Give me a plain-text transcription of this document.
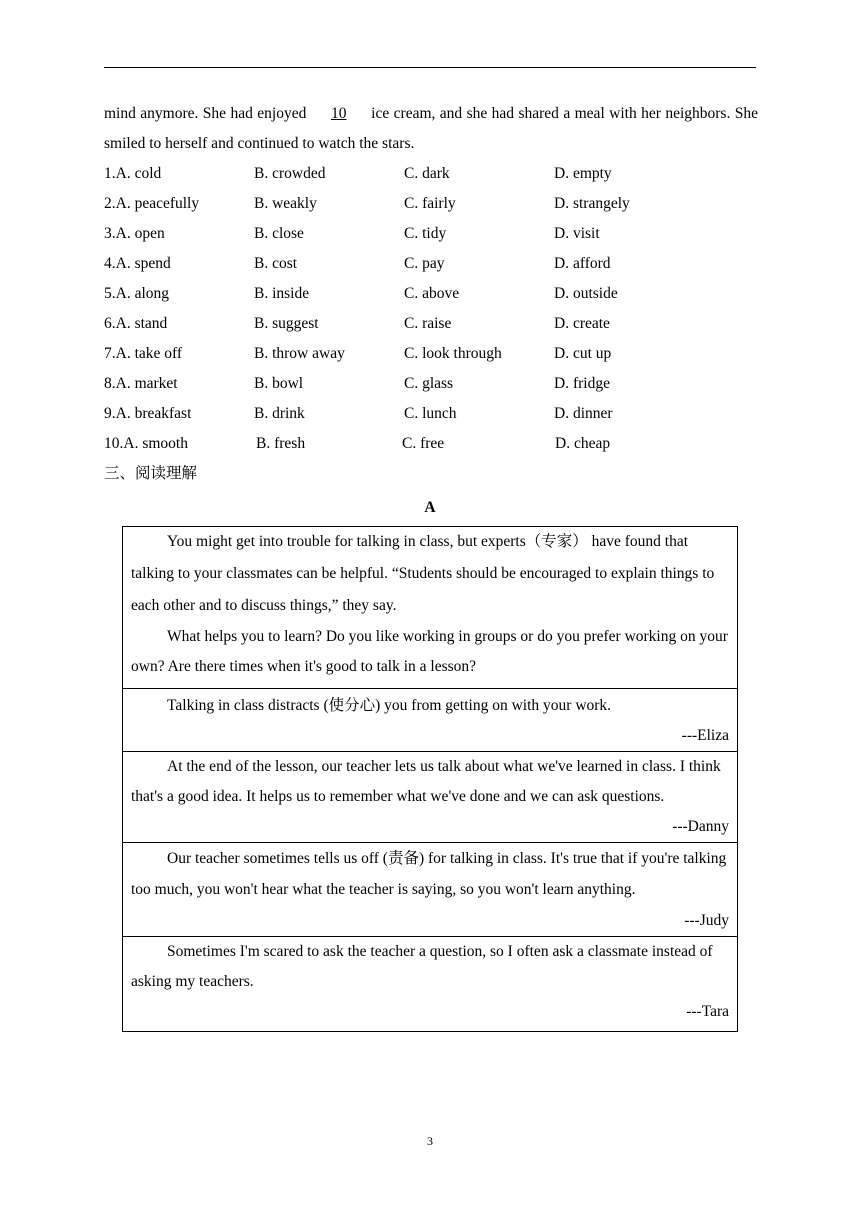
mind anymore. She had enjoyed 10 ice cream, and she had shared a meal with her neighbors. She smiled to herself and continued to watch the stars.
1.A. cold	B. crowded	C. dark	D. empty
2.A. peacefully	B. weakly	C. fairly	D. strangely
3.A. open	B. close	C. tidy	D. visit
4.A. spend	B. cost	C. pay	D. afford
5.A. along	B. inside	C. above	D. outside
6.A. stand	B. suggest	C. raise	D. create
7.A. take off	B. throw away	C. look through	D. cut up
8.A. market	B. bowl	C. glass	D. fridge
9.A. breakfast	B. drink	C. lunch	D. dinner
10.A. smooth	B. fresh	C. free	D. cheap
三、阅读理解
A

You might get into trouble for talking in class, but experts（专家） have found that talking to your classmates can be helpful. “Students should be encouraged to explain things to each other and to discuss things,” they say.

What helps you to learn? Do you like working in groups or do you prefer working on your own? Are there times when it's good to talk in a lesson?

Talking in class distracts (使分心) you from getting on with your work.

---Eliza

At the end of the lesson, our teacher lets us talk about what we've learned in class. I think that's a good idea. It helps us to remember what we've done and we can ask questions.

---Danny

Our teacher sometimes tells us off (责备) for talking in class. It's true that if you're talking too much, you won't hear what the teacher is saying, so you won't learn anything.

---Judy

Sometimes I'm scared to ask the teacher a question, so I often ask a classmate instead of asking my teachers.

---Tara
3
